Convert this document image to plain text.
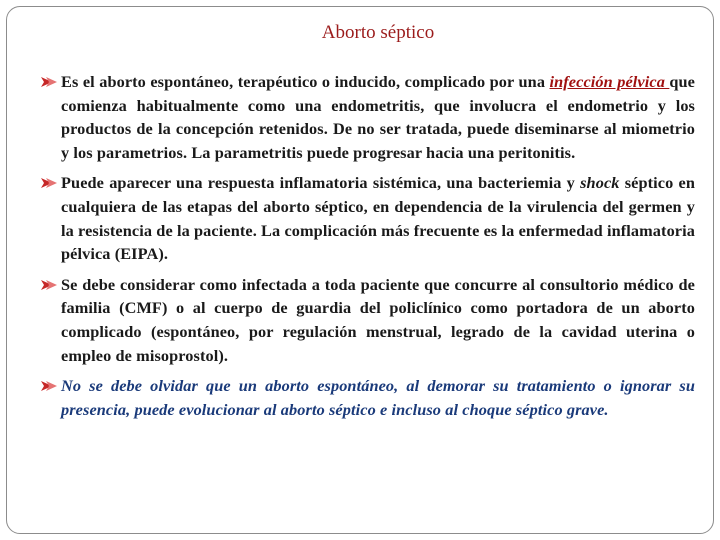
Aborto séptico
Es el aborto espontáneo, terapéutico o inducido, complicado por una infección pélvica que comienza habitualmente como una endometritis, que involucra el endometrio y los productos de la concepción retenidos. De no ser tratada, puede diseminarse al miometrio y los parametrios. La parametritis puede progresar hacia una peritonitis.
Puede aparecer una respuesta inflamatoria sistémica, una bacteriemia y shock séptico en cualquiera de las etapas del aborto séptico, en dependencia de la virulencia del germen y la resistencia de la paciente. La complicación más frecuente es la enfermedad inflamatoria pélvica (EIPA).
Se debe considerar como infectada a toda paciente que concurre al consultorio médico de familia (CMF) o al cuerpo de guardia del policlínico como portadora de un aborto complicado (espontáneo, por regulación menstrual, legrado de la cavidad uterina o empleo de misoprostol).
No se debe olvidar que un aborto espontáneo, al demorar su tratamiento o ignorar su presencia, puede evolucionar al aborto séptico e incluso al choque séptico grave.
